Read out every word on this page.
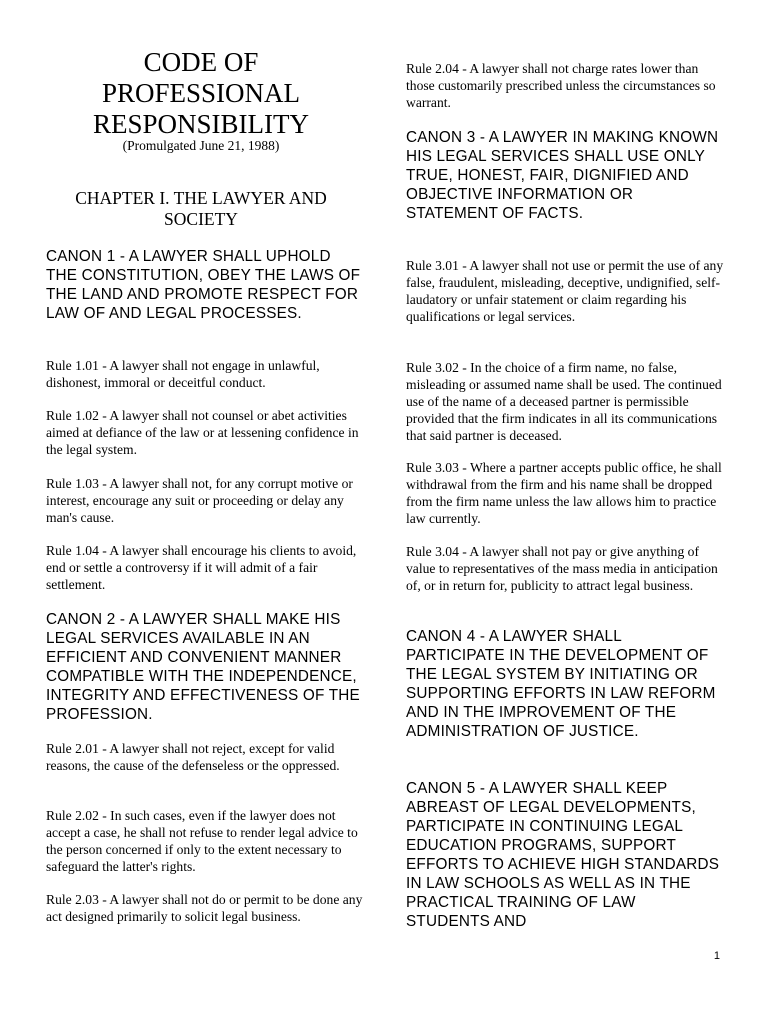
CODE OF PROFESSIONAL RESPONSIBILITY
(Promulgated June 21, 1988)
CHAPTER I. THE LAWYER AND SOCIETY

CANON 1 - A LAWYER SHALL UPHOLD THE CONSTITUTION, OBEY THE LAWS OF THE LAND AND PROMOTE RESPECT FOR LAW OF AND LEGAL PROCESSES.

Rule 1.01 - A lawyer shall not engage in unlawful, dishonest, immoral or deceitful conduct.

Rule 1.02 - A lawyer shall not counsel or abet activities aimed at defiance of the law or at lessening confidence in the legal system.

Rule 1.03 - A lawyer shall not, for any corrupt motive or interest, encourage any suit or proceeding or delay any man's cause.

Rule 1.04 - A lawyer shall encourage his clients to avoid, end or settle a controversy if it will admit of a fair settlement.

CANON 2 - A LAWYER SHALL MAKE HIS LEGAL SERVICES AVAILABLE IN AN EFFICIENT AND CONVENIENT MANNER COMPATIBLE WITH THE INDEPENDENCE, INTEGRITY AND EFFECTIVENESS OF THE PROFESSION.

Rule 2.01 - A lawyer shall not reject, except for valid reasons, the cause of the defenseless or the oppressed.

Rule 2.02 - In such cases, even if the lawyer does not accept a case, he shall not refuse to render legal advice to the person concerned if only to the extent necessary to safeguard the latter's rights.

Rule 2.03 - A lawyer shall not do or permit to be done any act designed primarily to solicit legal business.

Rule 2.04 - A lawyer shall not charge rates lower than those customarily prescribed unless the circumstances so warrant.

CANON 3 - A LAWYER IN MAKING KNOWN HIS LEGAL SERVICES SHALL USE ONLY TRUE, HONEST, FAIR, DIGNIFIED AND OBJECTIVE INFORMATION OR STATEMENT OF FACTS.

Rule 3.01 - A lawyer shall not use or permit the use of any false, fraudulent, misleading, deceptive, undignified, self-laudatory or unfair statement or claim regarding his qualifications or legal services.

Rule 3.02 - In the choice of a firm name, no false, misleading or assumed name shall be used. The continued use of the name of a deceased partner is permissible provided that the firm indicates in all its communications that said partner is deceased.

Rule 3.03 - Where a partner accepts public office, he shall withdrawal from the firm and his name shall be dropped from the firm name unless the law allows him to practice law currently.

Rule 3.04 - A lawyer shall not pay or give anything of value to representatives of the mass media in anticipation of, or in return for, publicity to attract legal business.

CANON 4 - A LAWYER SHALL PARTICIPATE IN THE DEVELOPMENT OF THE LEGAL SYSTEM BY INITIATING OR SUPPORTING EFFORTS IN LAW REFORM AND IN THE IMPROVEMENT OF THE ADMINISTRATION OF JUSTICE.

CANON 5 - A LAWYER SHALL KEEP ABREAST OF LEGAL DEVELOPMENTS, PARTICIPATE IN CONTINUING LEGAL EDUCATION PROGRAMS, SUPPORT EFFORTS TO ACHIEVE HIGH STANDARDS IN LAW SCHOOLS AS WELL AS IN THE PRACTICAL TRAINING OF LAW STUDENTS AND

1
